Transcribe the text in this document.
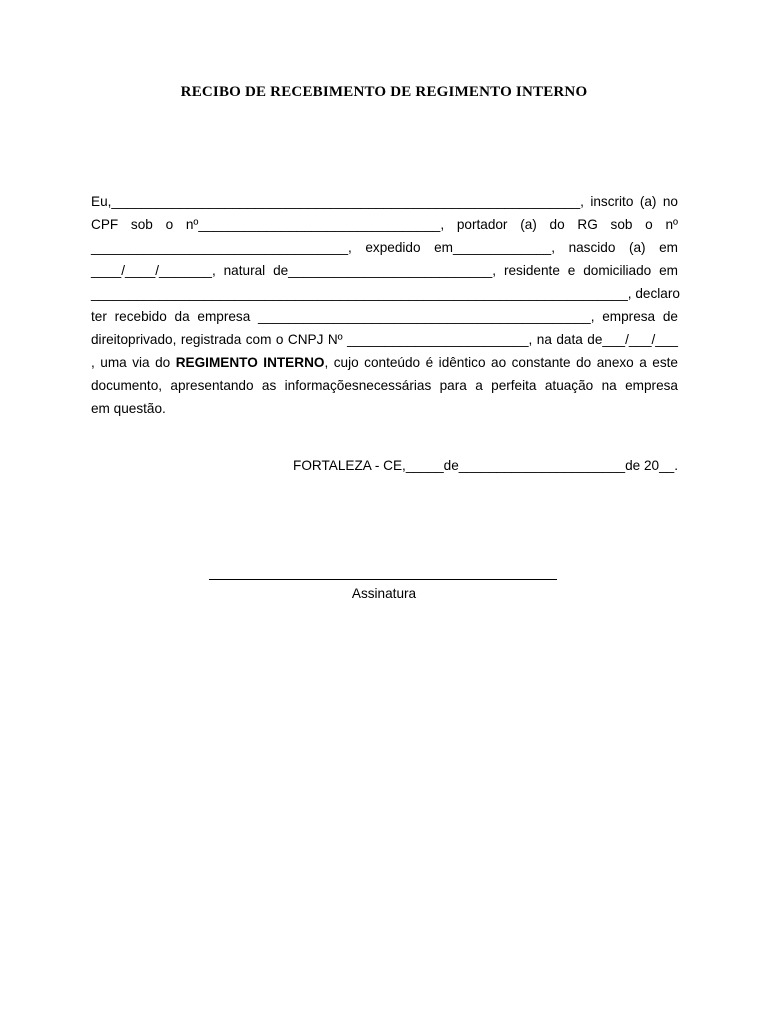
RECIBO DE RECEBIMENTO DE REGIMENTO INTERNO
Eu,______________________________________________________________, inscrito (a) no
CPF sob o nº________________________________, portador (a) do RG sob o nº
__________________________________, expedido em_____________, nascido (a) em
____/____/_______, natural de___________________________, residente e domiciliado em
_______________________________________________________________________, declaro
ter recebido da empresa ____________________________________________, empresa de
direitoprivado, registrada com o CNPJ Nº ________________________, na data de___/___/___
, uma via do REGIMENTO INTERNO, cujo conteúdo é idêntico ao constante do anexo a este
documento, apresentando as informaçõesnecessárias para a perfeita atuação na empresa
em questão.
FORTALEZA - CE,_____de______________________de 20__.
Assinatura
